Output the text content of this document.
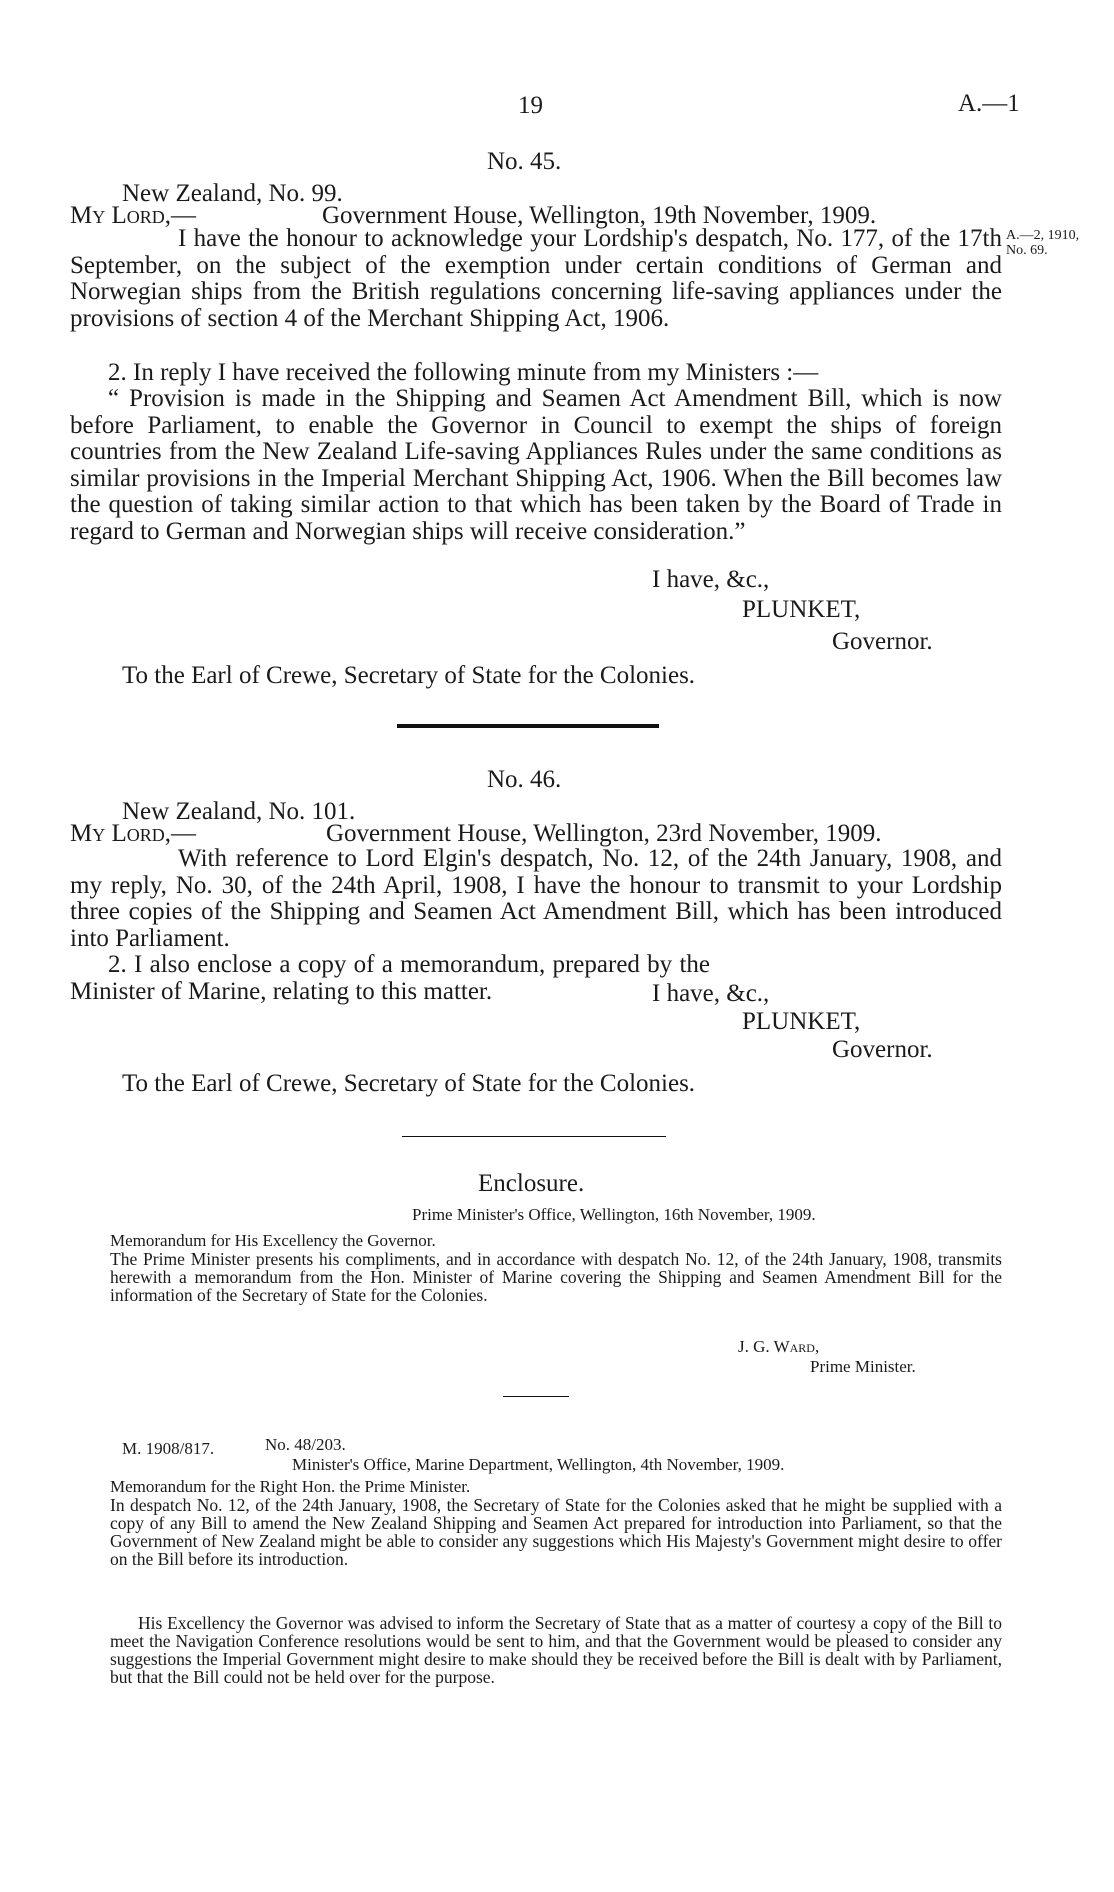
19	A.—1
No. 45.
New Zealand, No. 99.
My Lord,—	Government House, Wellington, 19th November, 1909.
A.—2, 1910,
No. 69.
I have the honour to acknowledge your Lordship's despatch, No. 177, of the 17th September, on the subject of the exemption under certain conditions of German and Norwegian ships from the British regulations concerning life-saving appliances under the provisions of section 4 of the Merchant Shipping Act, 1906.
2. In reply I have received the following minute from my Ministers :—
“ Provision is made in the Shipping and Seamen Act Amendment Bill, which is now before Parliament, to enable the Governor in Council to exempt the ships of foreign countries from the New Zealand Life-saving Appliances Rules under the same conditions as similar provisions in the Imperial Merchant Shipping Act, 1906. When the Bill becomes law the question of taking similar action to that which has been taken by the Board of Trade in regard to German and Norwegian ships will receive consideration.”
I have, &c.,
PLUNKET,
Governor.
To the Earl of Crewe, Secretary of State for the Colonies.
No. 46.
New Zealand, No. 101.
My Lord,—	Government House, Wellington, 23rd November, 1909.
With reference to Lord Elgin's despatch, No. 12, of the 24th January, 1908, and my reply, No. 30, of the 24th April, 1908, I have the honour to transmit to your Lordship three copies of the Shipping and Seamen Act Amendment Bill, which has been introduced into Parliament.
2. I also enclose a copy of a memorandum, prepared by the Minister of Marine, relating to this matter.	I have, &c.,
PLUNKET,
Governor.
To the Earl of Crewe, Secretary of State for the Colonies.
Enclosure.
Prime Minister's Office, Wellington, 16th November, 1909.
Memorandum for His Excellency the Governor.
The Prime Minister presents his compliments, and in accordance with despatch No. 12, of the 24th January, 1908, transmits herewith a memorandum from the Hon. Minister of Marine covering the Shipping and Seamen Amendment Bill for the information of the Secretary of State for the Colonies.
J. G. Ward,
Prime Minister.
M. 1908/817.	No. 48/203.
Minister's Office, Marine Department, Wellington, 4th November, 1909.
Memorandum for the Right Hon. the Prime Minister.
In despatch No. 12, of the 24th January, 1908, the Secretary of State for the Colonies asked that he might be supplied with a copy of any Bill to amend the New Zealand Shipping and Seamen Act prepared for introduction into Parliament, so that the Government of New Zealand might be able to consider any suggestions which His Majesty's Government might desire to offer on the Bill before its introduction.
His Excellency the Governor was advised to inform the Secretary of State that as a matter of courtesy a copy of the Bill to meet the Navigation Conference resolutions would be sent to him, and that the Government would be pleased to consider any suggestions the Imperial Government might desire to make should they be received before the Bill is dealt with by Parliament, but that the Bill could not be held over for the purpose.
